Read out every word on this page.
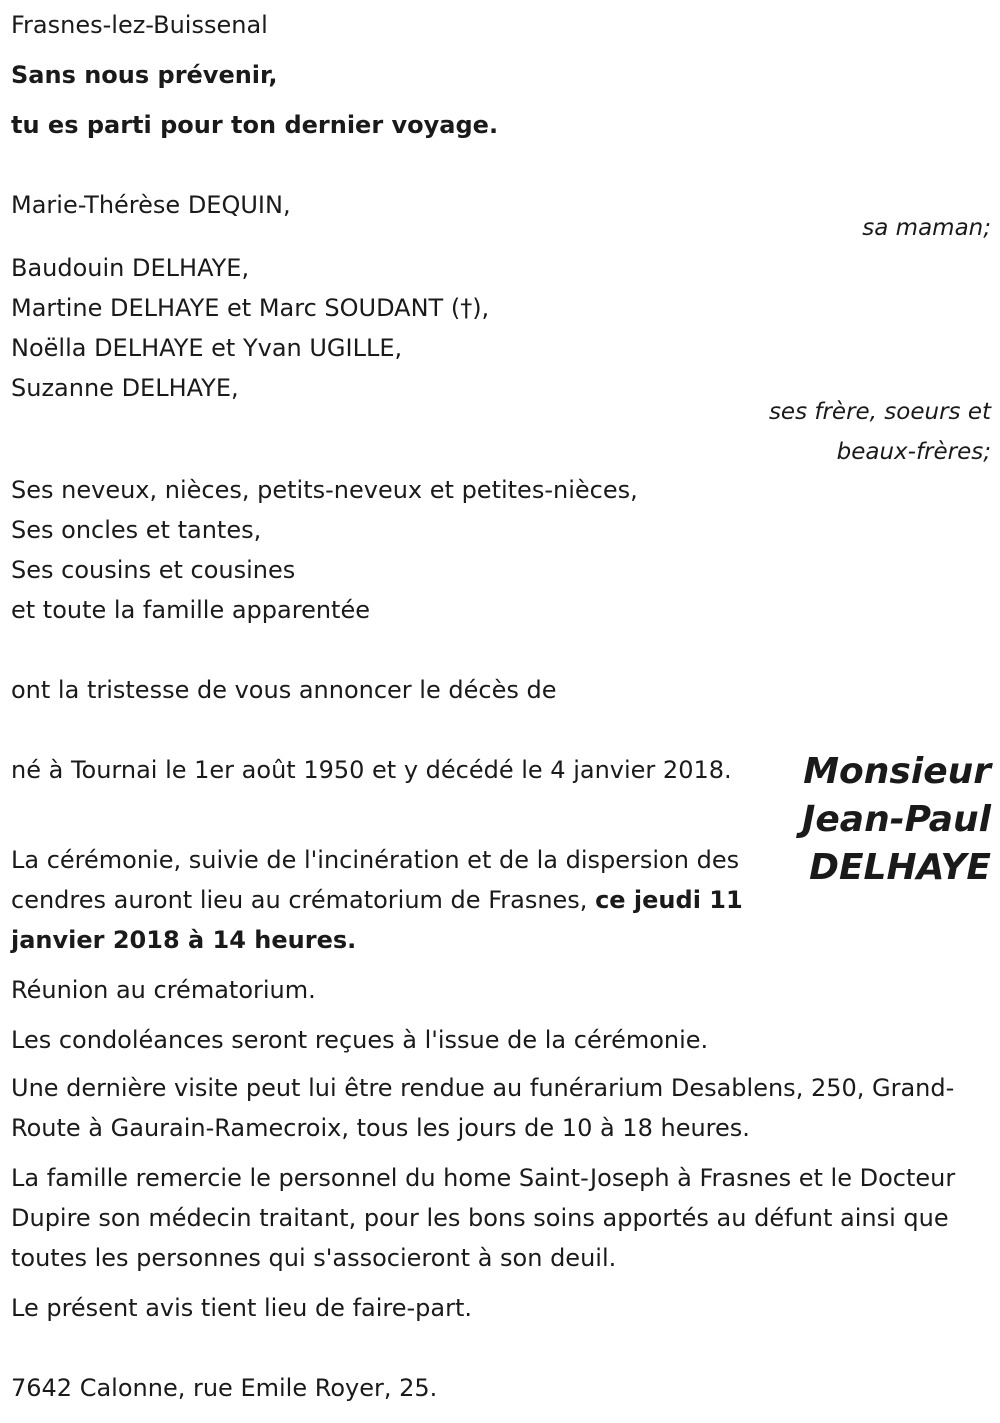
Frasnes-lez-Buissenal
Sans nous prévenir,
tu es parti pour ton dernier voyage.
Marie-Thérèse DEQUIN,
sa maman;
Baudouin DELHAYE,
Martine DELHAYE et Marc SOUDANT (†),
Noëlla DELHAYE et Yvan UGILLE,
Suzanne DELHAYE,
ses frère, soeurs et
beaux-frères;
Ses neveux, nièces, petits-neveux et petites-nièces,
Ses oncles et tantes,
Ses cousins et cousines
et toute la famille apparentée
ont la tristesse de vous annoncer le décès de
Monsieur
Jean-Paul
DELHAYE
né à Tournai le 1er août 1950 et y décédé le 4 janvier 2018.
La cérémonie, suivie de l'incinération et de la dispersion des cendres auront lieu au crématorium de Frasnes, ce jeudi 11 janvier 2018 à 14 heures.
Réunion au crématorium.
Les condoléances seront reçues à l'issue de la cérémonie.
Une dernière visite peut lui être rendue au funérarium Desablens, 250, Grand-Route à Gaurain-Ramecroix, tous les jours de 10 à 18 heures.
La famille remercie le personnel du home Saint-Joseph à Frasnes et le Docteur Dupire son médecin traitant, pour les bons soins apportés au défunt ainsi que toutes les personnes qui s'associeront à son deuil.
Le présent avis tient lieu de faire-part.
7642 Calonne, rue Emile Royer, 25.
